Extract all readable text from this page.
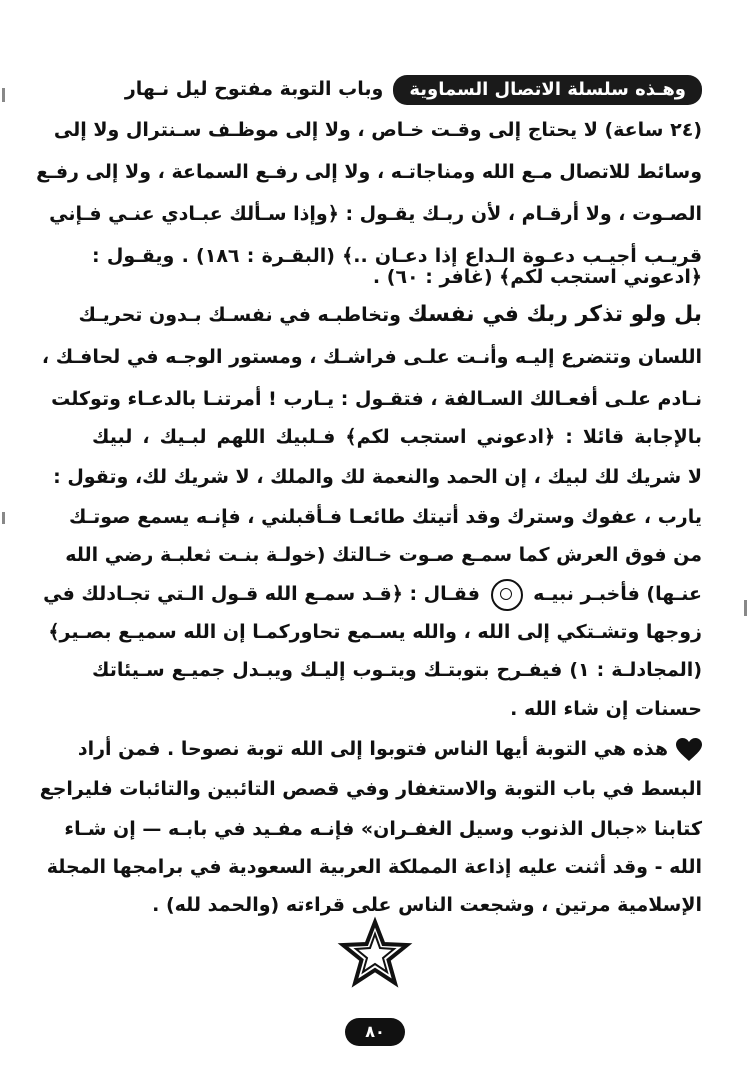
وهـذه سلسلة الاتصال السماويةوباب التوبة مفتوح ليل نـهار
(٢٤ ساعة) لا يحتاج إلى وقـت خـاص ، ولا إلى موظـف سـنترال ولا إلى
وسائط للاتصال مـع الله ومناجاتـه ، ولا إلى رفـع السماعة ، ولا إلى رفـع
الصـوت ، ولا أرقـام ، لأن ربـك يقـول : ﴿وإذا سـألك عبـادي عنـي فـإني
قريـب أجيـب دعـوة الـداع إذا دعـان ..﴾ (البقـرة : ١٨٦) . ويقـول :
﴿ادعوني استجب لكم﴾ (غافر : ٦٠) .
بل ولو تذكر ربك في نفسك وتخاطبـه في نفسـك بـدون تحريـك
اللسان وتتضرع إليـه وأنـت علـى فراشـك ، ومستور الوجـه في لحافـك ،
نـادم علـى أفعـالك السـالفة ، فتقـول : يـارب ! أمرتنـا بالدعـاء وتوكلت
بالإجابة قائلا : ﴿ادعوني استجب لكم﴾ فـلبيك اللهم لبـيك ، لبيك
لا شريك لك لبيك ، إن الحمد والنعمة لك والملك ، لا شريك لك، وتقول :
يارب ، عفوك وسترك وقد أتيتك طائعـا فـأقبلني ، فإنـه يسمع صوتـك
من فوق العرش كما سمـع صـوت خـالتك (خولـة بنـت ثعلبـة رضي الله
عنـها) فأخبـر نبيـه  فقـال : ﴿قـد سمـع الله قـول الـتي تجـادلك في
زوجها وتشـتكي إلى الله ، والله يسـمع تحاوركمـا إن الله سميـع بصـير﴾
(المجادلـة : ١) فيفـرح بتوبتـك ويتـوب إليـك ويبـدل جميـع سـيئاتك
حسنات إن شاء الله .
هذه هي التوبة أيها الناس فتوبوا إلى الله توبة نصوحا . فمن أراد
البسط في باب التوبة والاستغفار وفي قصص التائبين والتائبات فليراجع
كتابنا «جبال الذنوب وسيل الغفـران» فإنـه مفـيد في بابـه — إن شـاء
الله - وقد أثنت عليه إذاعة المملكة العربية السعودية في برامجها المجلة
الإسلامية مرتين ، وشجعت الناس على قراءته (والحمد لله) .
٨٠
